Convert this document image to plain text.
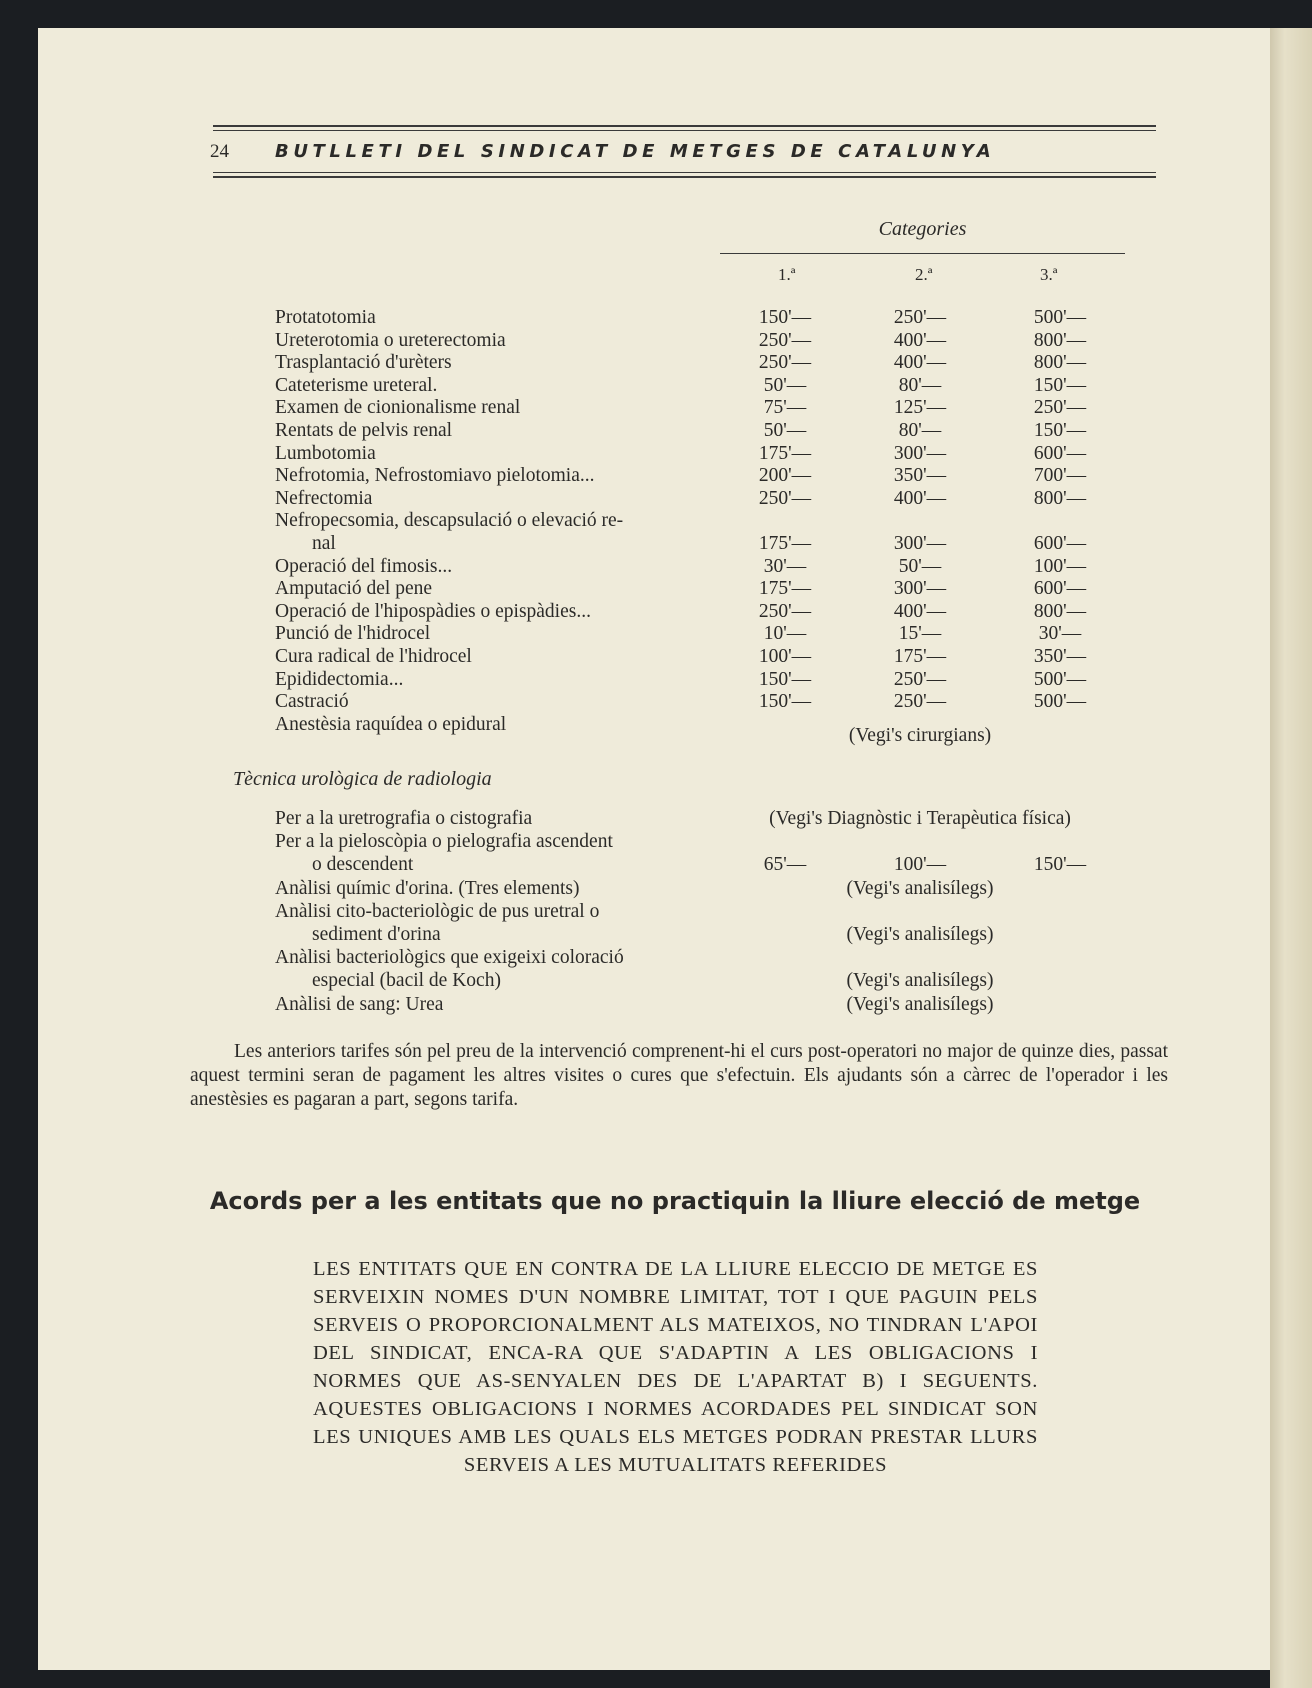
24	BUTLLETI DEL SINDICAT DE METGES DE CATALUNYA
Categories
1.ª	2.ª	3.ª
Protatotomia	150'—	250'—	500'—
Ureterotomia o ureterectomia	250'—	400'—	800'—
Trasplantació d'urèters	250'—	400'—	800'—
Cateterisme ureteral.	50'—	80'—	150'—
Examen de cionionalisme renal	75'—	125'—	250'—
Rentats de pelvis renal	50'—	80'—	150'—
Lumbotomia	175'—	300'—	600'—
Nefrotomia, Nefrostomiavo pielotomia...	200'—	350'—	700'—
Nefrectomia	250'—	400'—	800'—
Nefropecsomia, descapsulació o elevació re-
nal	175'—	300'—	600'—
Operació del fimosis...	30'—	50'—	100'—
Amputació del pene	175'—	300'—	600'—
Operació de l'hipospàdies o epispàdies...	250'—	400'—	800'—
Punció de l'hidrocel	10'—	15'—	30'—
Cura radical de l'hidrocel	100'—	175'—	350'—
Epididectomia...	150'—	250'—	500'—
Castració	150'—	250'—	500'—
Anestèsia raquídea o epidural
(Vegi's cirurgians)
Tècnica urològica de radiologia
Per a la uretrografia o cistografia	(Vegi's Diagnòstic i Terapèutica física)
Per a la pieloscòpia o pielografia ascendent
o descendent	65'—	100'—	150'—
Anàlisi químic d'orina. (Tres elements)	(Vegi's analisílegs)
Anàlisi cito-bacteriològic de pus uretral o
sediment d'orina	(Vegi's analisílegs)
Anàlisi bacteriològics que exigeixi coloració
especial (bacil de Koch)	(Vegi's analisílegs)
Anàlisi de sang: Urea	(Vegi's analisílegs)
Les anteriors tarifes són pel preu de la intervenció comprenent-hi el curs post-operatori no major de quinze dies, passat aquest termini seran de pagament les altres visites o cures que s'efectuin. Els ajudants són a càrrec de l'operador i les anestèsies es pagaran a part, segons tarifa.
Acords per a les entitats que no practiquin la lliure elecció de metge
LES ENTITATS QUE EN CONTRA DE LA LLIURE ELECCIO DE METGE ES SERVEIXIN NOMES D'UN NOMBRE LIMITAT, TOT I QUE PAGUIN PELS SERVEIS O PROPORCIONALMENT ALS MATEIXOS, NO TINDRAN L'APOI DEL SINDICAT, ENCA-RA QUE S'ADAPTIN A LES OBLIGACIONS I NORMES QUE AS-SENYALEN DES DE L'APARTAT B) I SEGUENTS. AQUESTES OBLIGACIONS I NORMES ACORDADES PEL SINDICAT SON LES UNIQUES AMB LES QUALS ELS METGES PODRAN PRESTAR LLURS SERVEIS A LES MUTUALITATS REFERIDES
